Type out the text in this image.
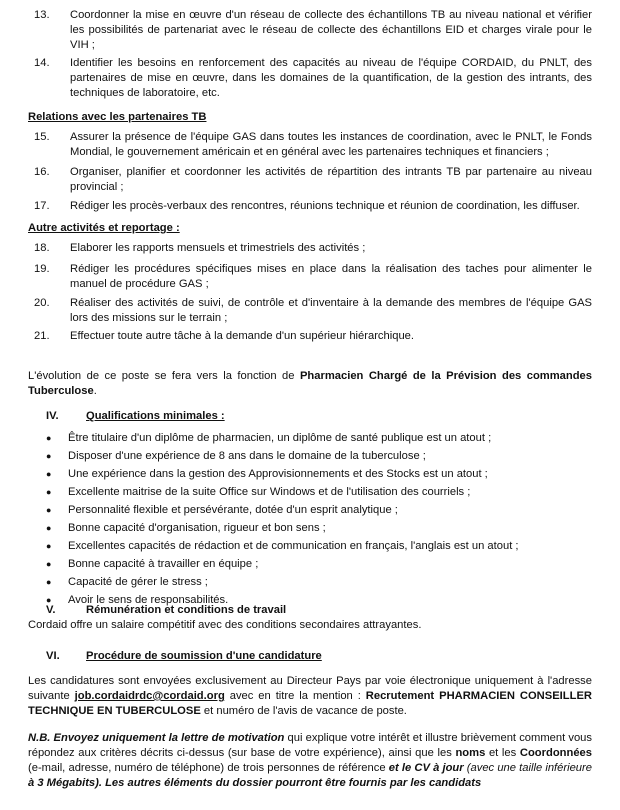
13.	Coordonner la mise en œuvre d'un réseau de collecte des échantillons TB au niveau national et vérifier les possibilités de partenariat avec le réseau de collecte des échantillons EID et charges virale pour le VIH ;
14.	Identifier les besoins en renforcement des capacités au niveau de l'équipe CORDAID, du PNLT, des partenaires de mise en œuvre, dans les domaines de la quantification, de la gestion des intrants, des techniques de laboratoire, etc.
Relations avec les partenaires TB
15.	Assurer la présence de l'équipe GAS dans toutes les instances de coordination, avec le PNLT, le Fonds Mondial, le gouvernement américain et en général avec les partenaires techniques et financiers ;
16.	Organiser, planifier et coordonner les activités de répartition des intrants TB par partenaire au niveau provincial ;
17.	Rédiger les procès-verbaux des rencontres, réunions technique et réunion de coordination, les diffuser.
Autre activités et reportage :
18.	Elaborer les rapports mensuels et trimestriels des activités ;
19.	Rédiger les procédures spécifiques mises en place dans la réalisation des taches pour alimenter le manuel de procédure GAS ;
20.	Réaliser des activités de suivi, de contrôle et d'inventaire à la demande des membres de l'équipe GAS lors des missions sur le terrain ;
21.	Effectuer toute autre tâche à la demande d'un supérieur hiérarchique.
L'évolution de ce poste se fera vers la fonction de Pharmacien Chargé de la Prévision des commandes Tuberculose.
IV. Qualifications minimales :
●	Être titulaire d'un diplôme de pharmacien, un diplôme de santé publique est un atout ;
●	Disposer d'une expérience de 8 ans dans le domaine de la tuberculose ;
●	Une expérience dans la gestion des Approvisionnements et des Stocks est un atout ;
●	Excellente maitrise de la suite Office sur Windows et de l'utilisation des courriels ;
●	Personnalité flexible et persévérante, dotée d'un esprit analytique ;
●	Bonne capacité d'organisation, rigueur et bon sens ;
●	Excellentes capacités de rédaction et de communication en français, l'anglais est un atout ;
●	Bonne capacité à travailler en équipe ;
●	Capacité de gérer le stress ;
●	Avoir le sens de responsabilités.
V.	Rémunération et conditions de travail
Cordaid offre un salaire compétitif avec des conditions secondaires attrayantes.
VI. Procédure de soumission d'une candidature
Les candidatures sont envoyées exclusivement au Directeur Pays par voie électronique uniquement à l'adresse suivante job.cordaidrdc@cordaid.org avec en titre la mention : Recrutement PHARMACIEN CONSEILLER TECHNIQUE EN TUBERCULOSE et numéro de l'avis de vacance de poste.
N.B. Envoyez uniquement la lettre de motivation qui explique votre intérêt et illustre brièvement comment vous répondez aux critères décrits ci-dessus (sur base de votre expérience), ainsi que les noms et les Coordonnées (e-mail, adresse, numéro de téléphone) de trois personnes de référence et le CV à jour (avec une taille inférieure à 3 Mégabits). Les autres éléments du dossier pourront être fournis par les candidats
